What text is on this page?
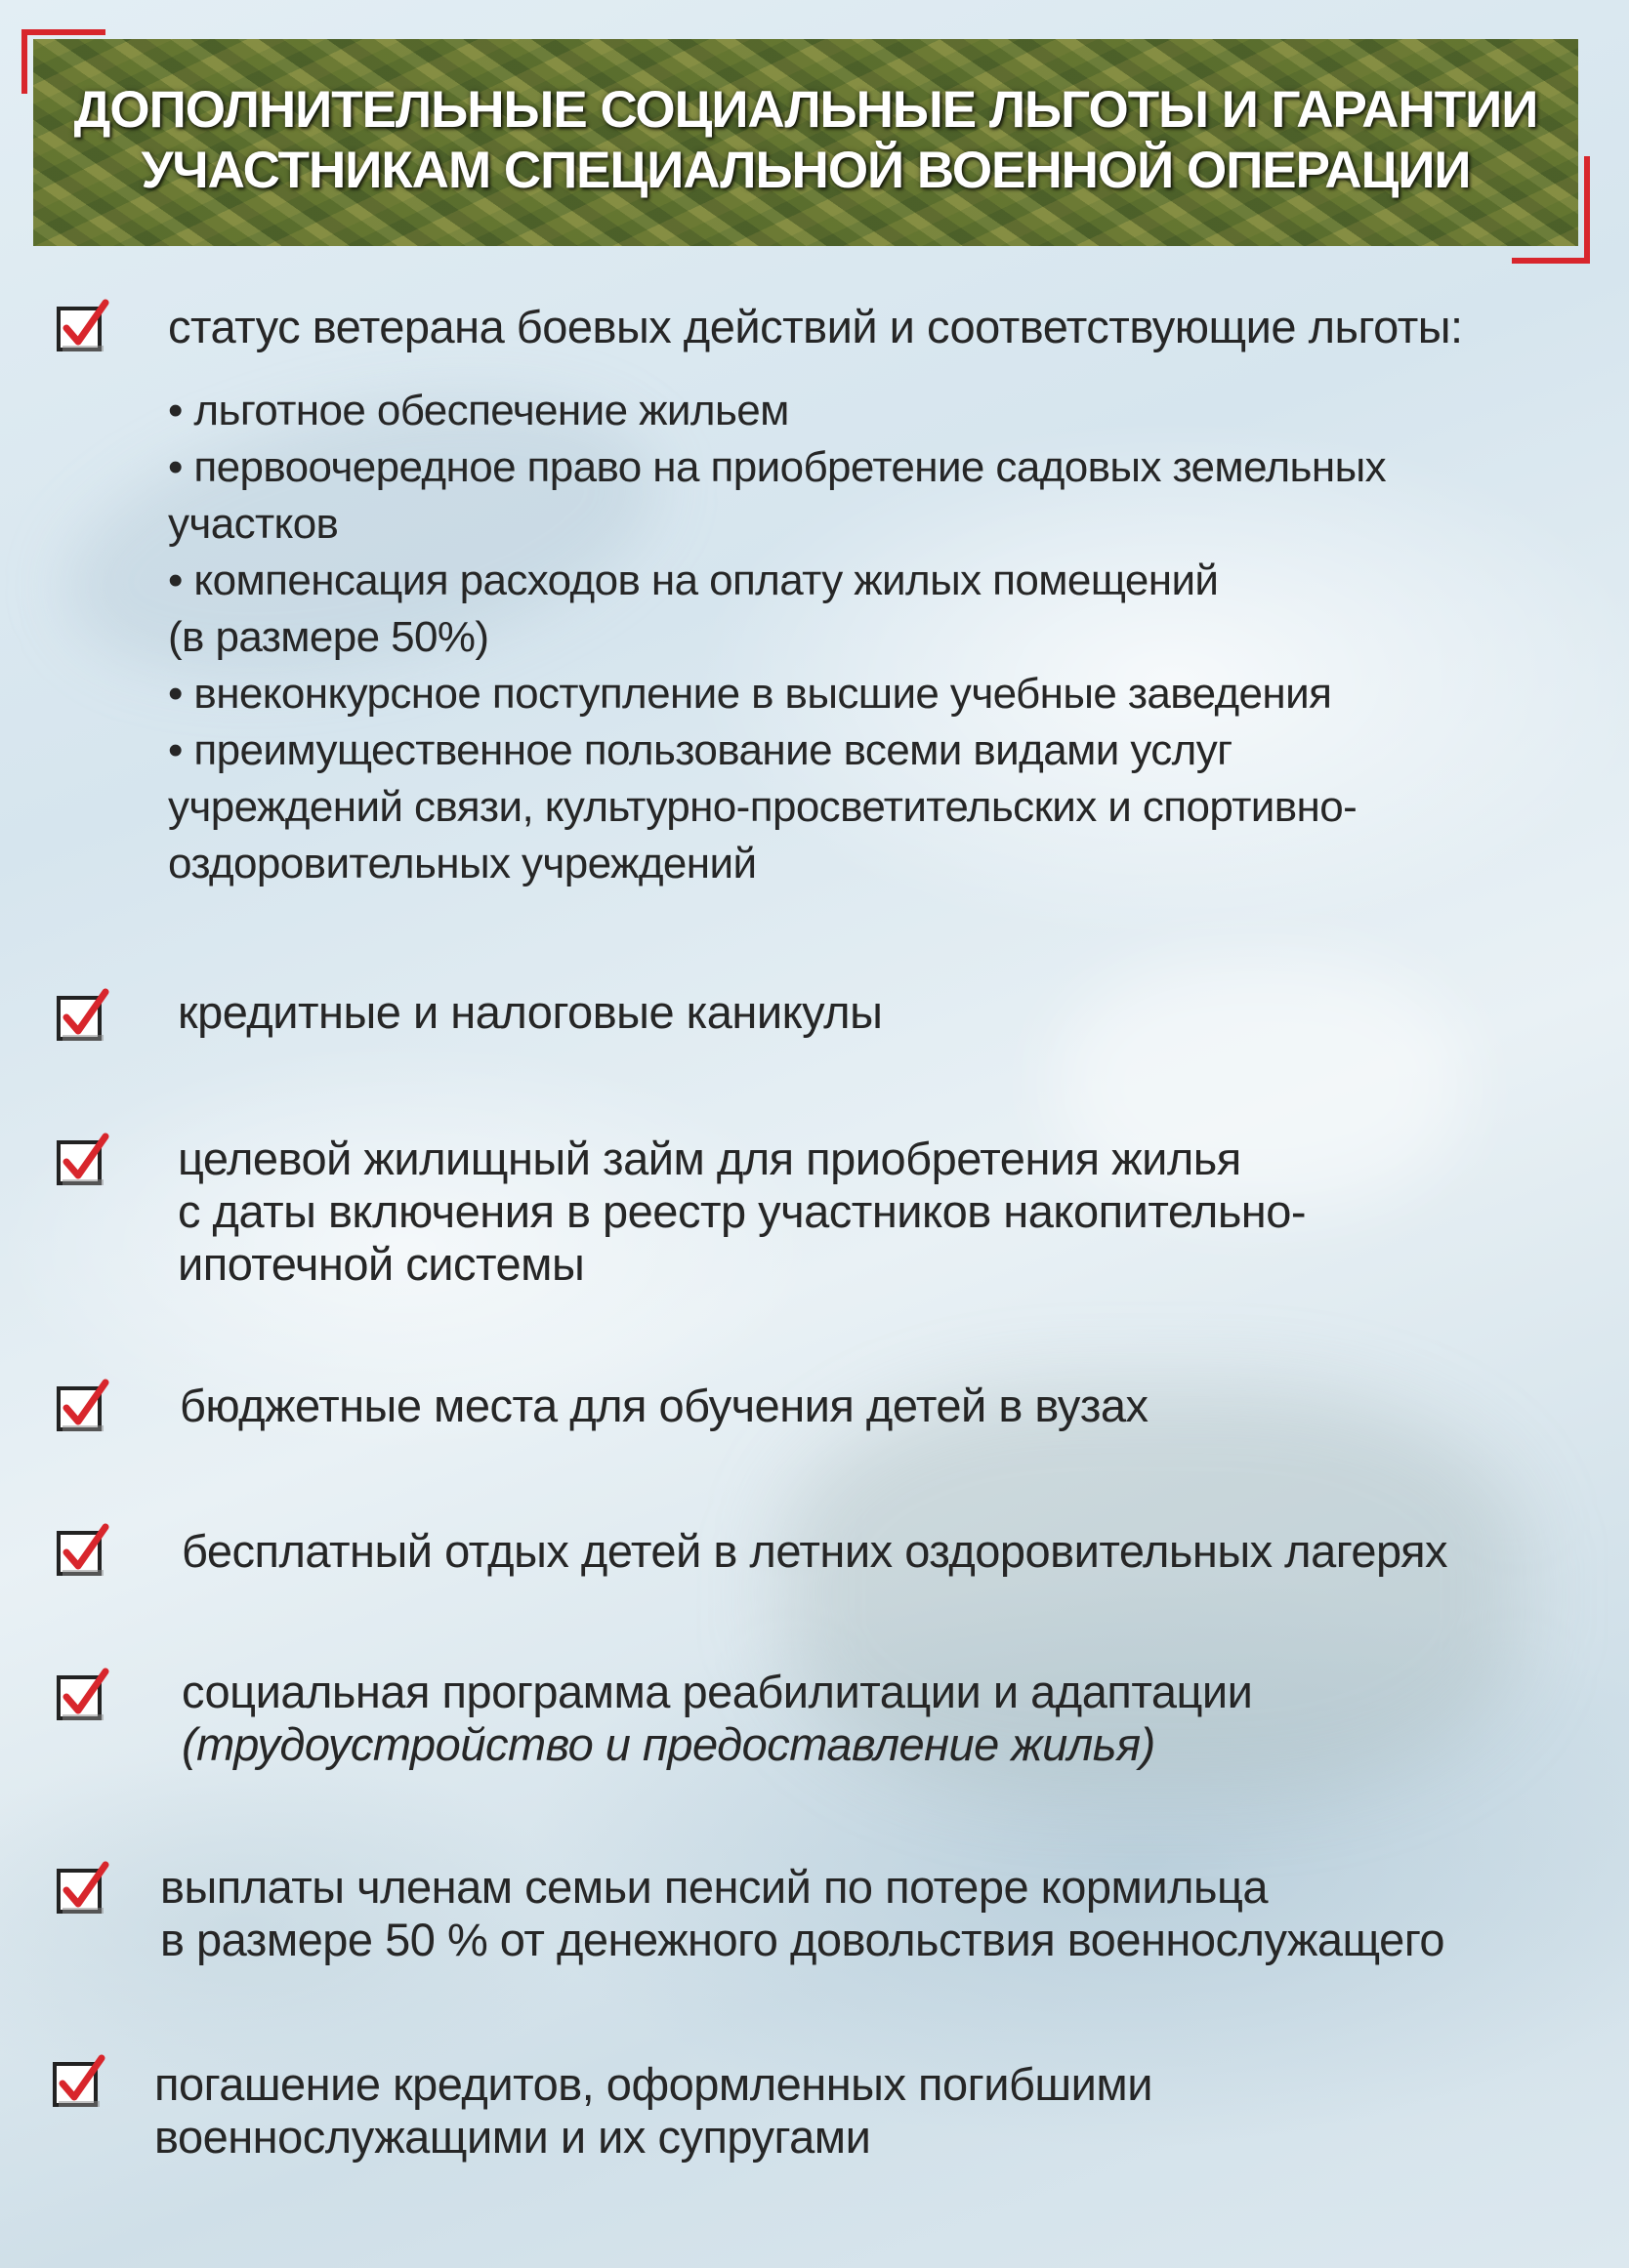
ДОПОЛНИТЕЛЬНЫЕ СОЦИАЛЬНЫЕ ЛЬГОТЫ И ГАРАНТИИ
УЧАСТНИКАМ СПЕЦИАЛЬНОЙ ВОЕННОЙ ОПЕРАЦИИ
статус ветерана боевых действий и соответствующие льготы:
• льготное обеспечение жильем
• первоочередное право на приобретение садовых земельных
участков
• компенсация расходов на оплату жилых помещений
(в размере 50%)
• внеконкурсное поступление в высшие учебные заведения
• преимущественное пользование всеми видами услуг
учреждений связи, культурно-просветительских и спортивно-
оздоровительных учреждений
кредитные и налоговые каникулы
целевой жилищный займ для приобретения жилья
с даты включения в реестр участников накопительно-
ипотечной системы
бюджетные места для обучения детей в вузах
бесплатный отдых детей в летних оздоровительных лагерях
социальная программа реабилитации и адаптации
(трудоустройство и предоставление жилья)
выплаты членам семьи пенсий по потере кормильца
в размере 50 % от денежного довольствия военнослужащего
погашение кредитов, оформленных погибшими
военнослужащими и их супругами
